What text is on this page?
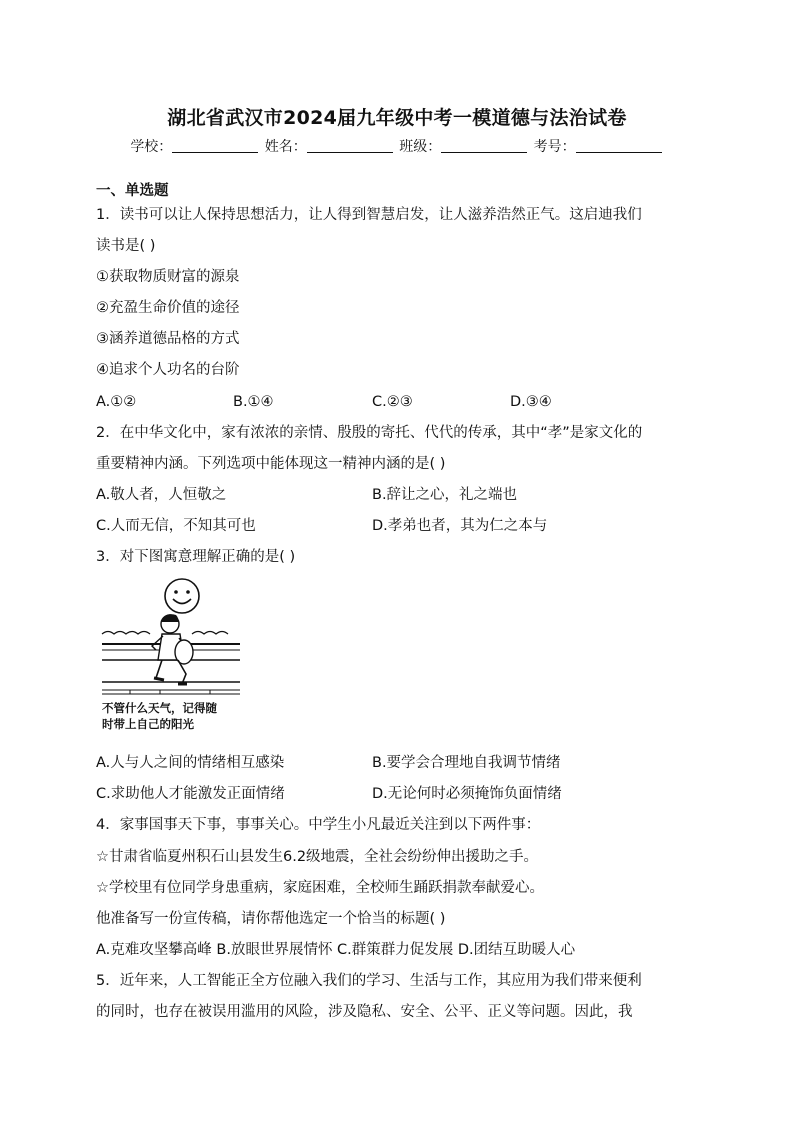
湖北省武汉市2024届九年级中考一模道德与法治试卷
学校：	姓名：	班级：	考号：
一、单选题
1．读书可以让人保持思想活力，让人得到智慧启发，让人滋养浩然正气。这启迪我们
读书是( )
①获取物质财富的源泉
②充盈生命价值的途径
③涵养道德品格的方式
④追求个人功名的台阶
A.①②	B.①④	C.②③	D.③④
2．在中华文化中，家有浓浓的亲情、殷殷的寄托、代代的传承，其中“孝”是家文化的
重要精神内涵。下列选项中能体现这一精神内涵的是( )
A.敬人者，人恒敬之	B.辞让之心，礼之端也
C.人而无信，不知其可也	D.孝弟也者，其为仁之本与
3．对下图寓意理解正确的是( )
不管什么天气，记得随
时带上自己的阳光
A.人与人之间的情绪相互感染	B.要学会合理地自我调节情绪
C.求助他人才能激发正面情绪	D.无论何时必须掩饰负面情绪
4．家事国事天下事，事事关心。中学生小凡最近关注到以下两件事：
☆甘肃省临夏州积石山县发生6.2级地震，全社会纷纷伸出援助之手。
☆学校里有位同学身患重病，家庭困难，全校师生踊跃捐款奉献爱心。
他准备写一份宣传稿，请你帮他选定一个恰当的标题( )
A.克难攻坚攀高峰 B.放眼世界展情怀 C.群策群力促发展 D.团结互助暖人心
5．近年来，人工智能正全方位融入我们的学习、生活与工作，其应用为我们带来便利
的同时，也存在被误用滥用的风险，涉及隐私、安全、公平、正义等问题。因此，我
